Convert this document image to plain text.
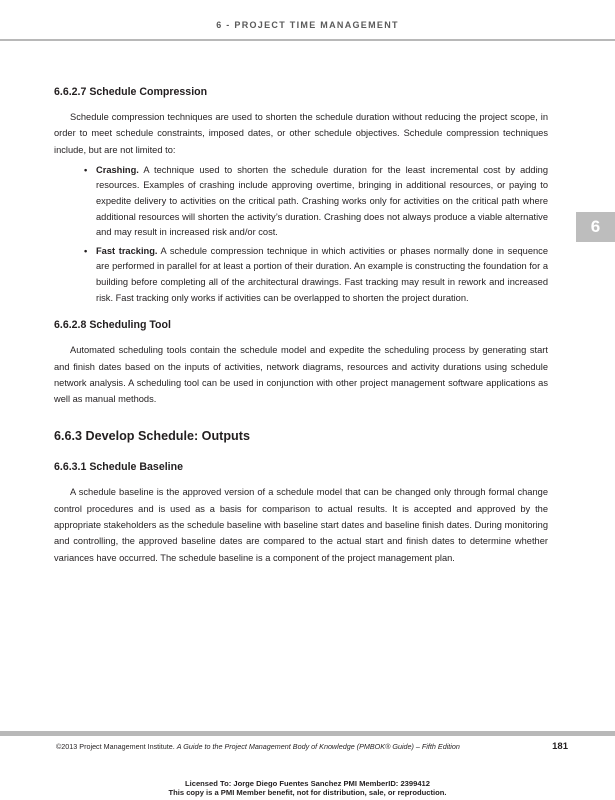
6 - PROJECT TIME MANAGEMENT
6
6.6.2.7 Schedule Compression

Schedule compression techniques are used to shorten the schedule duration without reducing the project scope, in order to meet schedule constraints, imposed dates, or other schedule objectives. Schedule compression techniques include, but are not limited to:

• Crashing. A technique used to shorten the schedule duration for the least incremental cost by adding resources. Examples of crashing include approving overtime, bringing in additional resources, or paying to expedite delivery to activities on the critical path. Crashing works only for activities on the critical path where additional resources will shorten the activity’s duration. Crashing does not always produce a viable alternative and may result in increased risk and/or cost.
• Fast tracking. A schedule compression technique in which activities or phases normally done in sequence are performed in parallel for at least a portion of their duration. An example is constructing the foundation for a building before completing all of the architectural drawings. Fast tracking may result in rework and increased risk. Fast tracking only works if activities can be overlapped to shorten the project duration.
6.6.2.8 Scheduling Tool

Automated scheduling tools contain the schedule model and expedite the scheduling process by generating start and finish dates based on the inputs of activities, network diagrams, resources and activity durations using schedule network analysis. A scheduling tool can be used in conjunction with other project management software applications as well as manual methods.

6.6.3 Develop Schedule: Outputs
6.6.3.1 Schedule Baseline

A schedule baseline is the approved version of a schedule model that can be changed only through formal change control procedures and is used as a basis for comparison to actual results. It is accepted and approved by the appropriate stakeholders as the schedule baseline with baseline start dates and baseline finish dates. During monitoring and controlling, the approved baseline dates are compared to the actual start and finish dates to determine whether variances have occurred. The schedule baseline is a component of the project management plan.

©2013 Project Management Institute. A Guide to the Project Management Body of Knowledge (PMBOK® Guide) – Fifth Edition	181
Licensed To: Jorge Diego Fuentes Sanchez PMI MemberID: 2399412
This copy is a PMI Member benefit, not for distribution, sale, or reproduction.
